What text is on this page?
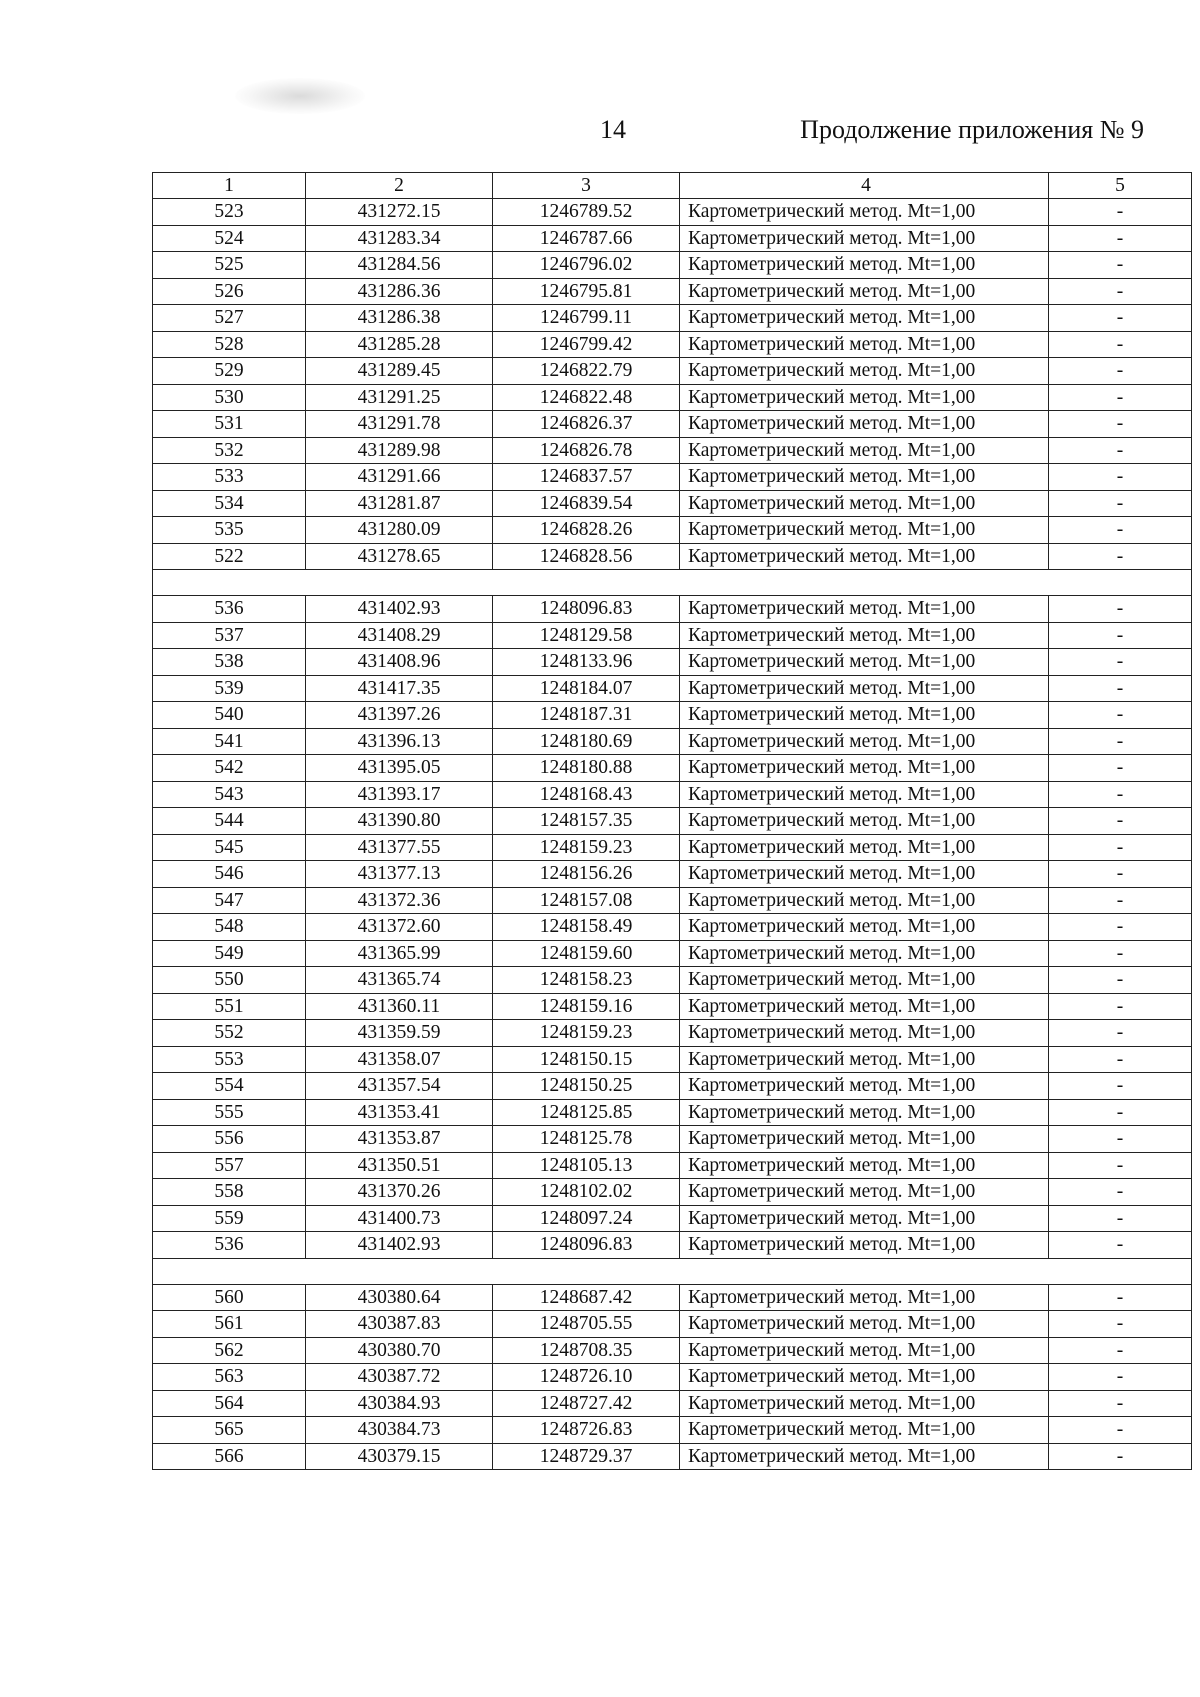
14	Продолжение приложения № 9
1	2	3	4	5
523	431272.15	1246789.52	Картометрический метод. Mt=1,00	-
524	431283.34	1246787.66	Картометрический метод. Mt=1,00	-
525	431284.56	1246796.02	Картометрический метод. Mt=1,00	-
526	431286.36	1246795.81	Картометрический метод. Mt=1,00	-
527	431286.38	1246799.11	Картометрический метод. Mt=1,00	-
528	431285.28	1246799.42	Картометрический метод. Mt=1,00	-
529	431289.45	1246822.79	Картометрический метод. Mt=1,00	-
530	431291.25	1246822.48	Картометрический метод. Mt=1,00	-
531	431291.78	1246826.37	Картометрический метод. Mt=1,00	-
532	431289.98	1246826.78	Картометрический метод. Mt=1,00	-
533	431291.66	1246837.57	Картометрический метод. Mt=1,00	-
534	431281.87	1246839.54	Картометрический метод. Mt=1,00	-
535	431280.09	1246828.26	Картометрический метод. Mt=1,00	-
522	431278.65	1246828.56	Картометрический метод. Mt=1,00	-

536	431402.93	1248096.83	Картометрический метод. Mt=1,00	-
537	431408.29	1248129.58	Картометрический метод. Mt=1,00	-
538	431408.96	1248133.96	Картометрический метод. Mt=1,00	-
539	431417.35	1248184.07	Картометрический метод. Mt=1,00	-
540	431397.26	1248187.31	Картометрический метод. Mt=1,00	-
541	431396.13	1248180.69	Картометрический метод. Mt=1,00	-
542	431395.05	1248180.88	Картометрический метод. Mt=1,00	-
543	431393.17	1248168.43	Картометрический метод. Mt=1,00	-
544	431390.80	1248157.35	Картометрический метод. Mt=1,00	-
545	431377.55	1248159.23	Картометрический метод. Mt=1,00	-
546	431377.13	1248156.26	Картометрический метод. Mt=1,00	-
547	431372.36	1248157.08	Картометрический метод. Mt=1,00	-
548	431372.60	1248158.49	Картометрический метод. Mt=1,00	-
549	431365.99	1248159.60	Картометрический метод. Mt=1,00	-
550	431365.74	1248158.23	Картометрический метод. Mt=1,00	-
551	431360.11	1248159.16	Картометрический метод. Mt=1,00	-
552	431359.59	1248159.23	Картометрический метод. Mt=1,00	-
553	431358.07	1248150.15	Картометрический метод. Mt=1,00	-
554	431357.54	1248150.25	Картометрический метод. Mt=1,00	-
555	431353.41	1248125.85	Картометрический метод. Mt=1,00	-
556	431353.87	1248125.78	Картометрический метод. Mt=1,00	-
557	431350.51	1248105.13	Картометрический метод. Mt=1,00	-
558	431370.26	1248102.02	Картометрический метод. Mt=1,00	-
559	431400.73	1248097.24	Картометрический метод. Mt=1,00	-
536	431402.93	1248096.83	Картометрический метод. Mt=1,00	-

560	430380.64	1248687.42	Картометрический метод. Mt=1,00	-
561	430387.83	1248705.55	Картометрический метод. Mt=1,00	-
562	430380.70	1248708.35	Картометрический метод. Mt=1,00	-
563	430387.72	1248726.10	Картометрический метод. Mt=1,00	-
564	430384.93	1248727.42	Картометрический метод. Mt=1,00	-
565	430384.73	1248726.83	Картометрический метод. Mt=1,00	-
566	430379.15	1248729.37	Картометрический метод. Mt=1,00	-
